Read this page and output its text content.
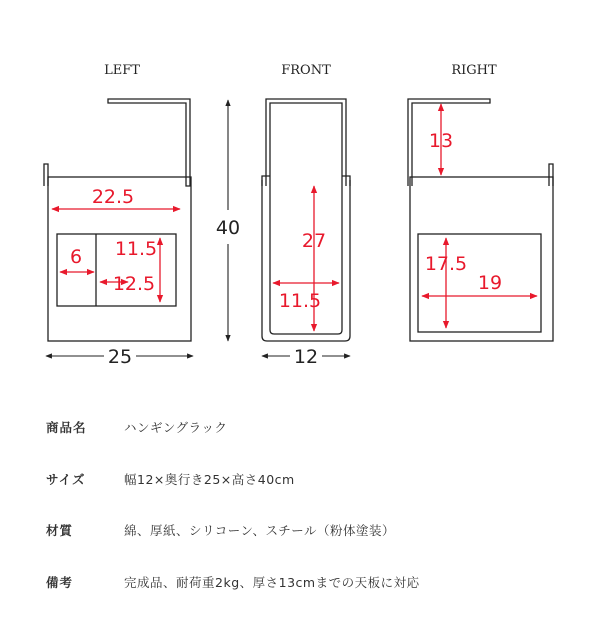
LEFT	FRONT	RIGHT
22.5
6 11.5
12.5
25
40
27
11.5
12
13
17.5
19
商品名	ハンギングラック
サイズ	幅12×奥行き25×高さ40cm
材質	綿、厚紙、シリコーン、スチール（粉体塗装）
備考	完成品、耐荷重2kg、厚さ13cmまでの天板に対応
